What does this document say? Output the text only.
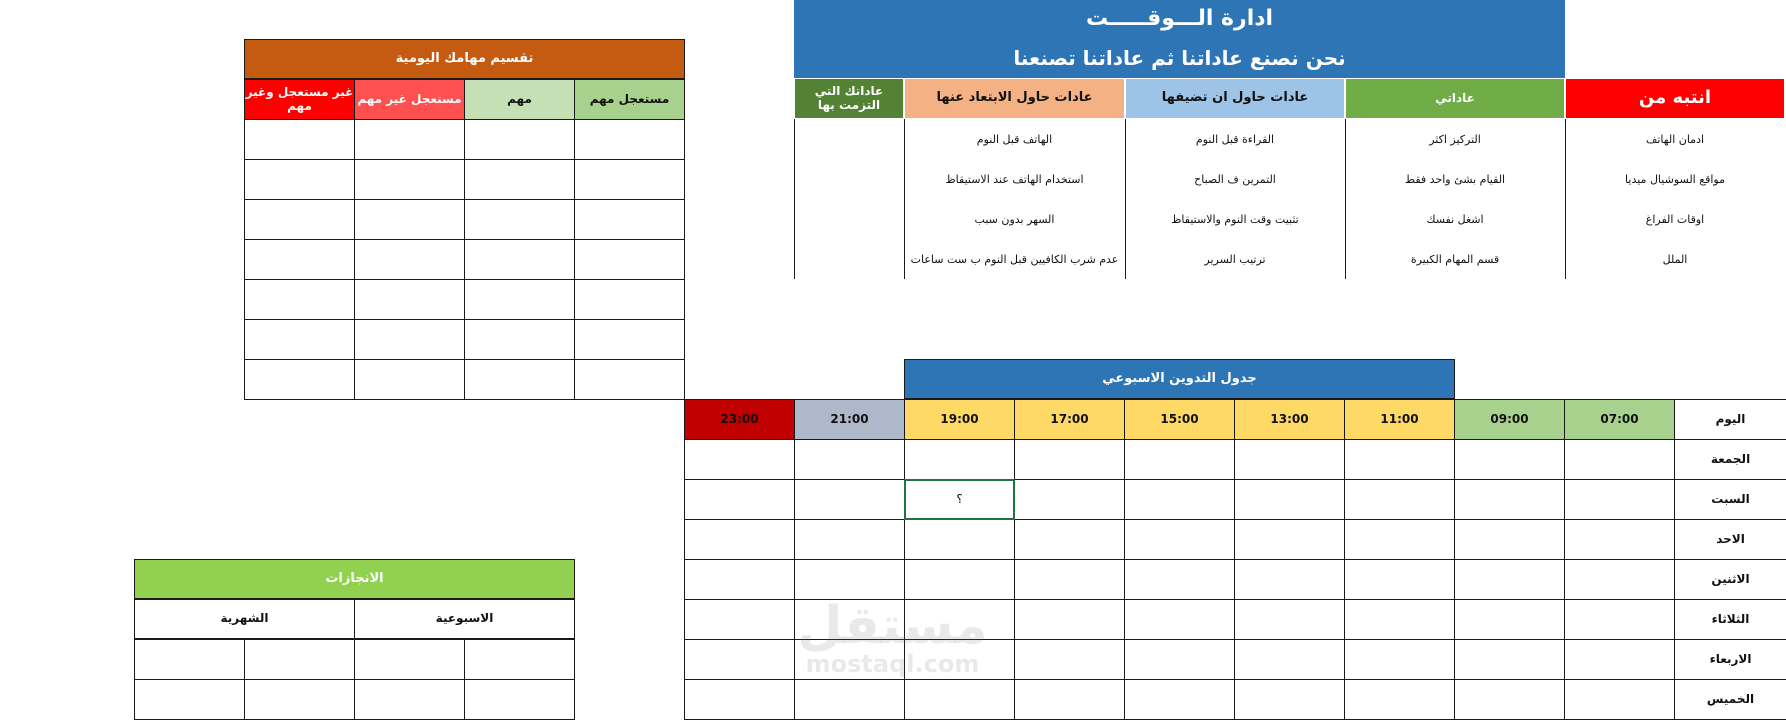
ادارة الـــوقـــــت
نحن نصنع عاداتنا ثم عاداتنا تصنعنا
انتبه من
ادمان الهاتف
مواقع السوشيال ميديا
اوقات الفراغ
الملل
عاداتي
التركيز اكثر
القيام بشئ واحد فقط
اشغل نفسك
قسم المهام الكبيرة
عادات حاول ان تضيفها
القراءة قبل النوم
التمرين ف الصباح
تثبيت وقت النوم والاستيقاظ
ترتيب السرير
عادات حاول الابتعاد عنها
الهاتف قبل النوم
استخدام الهاتف عند الاستيقاظ
السهر بدون سبب
عدم شرب الكافيين قبل النوم ب ست ساعات
عاداتك التي التزمت بها
تقسيم مهامك اليومية
مستعجل مهم
مهم
مستعجل غير مهم
غير مستعجل وغير مهم
جدول التدوين الاسبوعي
اليوم
07:00
09:00
11:00
13:00
15:00
17:00
19:00
21:00
23:00
الجمعة
السبت
؟
الاحد
الاثنين
الثلاثاء
الاربعاء
الخميس
الانجازات
الاسبوعية
الشهرية	مستقل
mostaql.com
